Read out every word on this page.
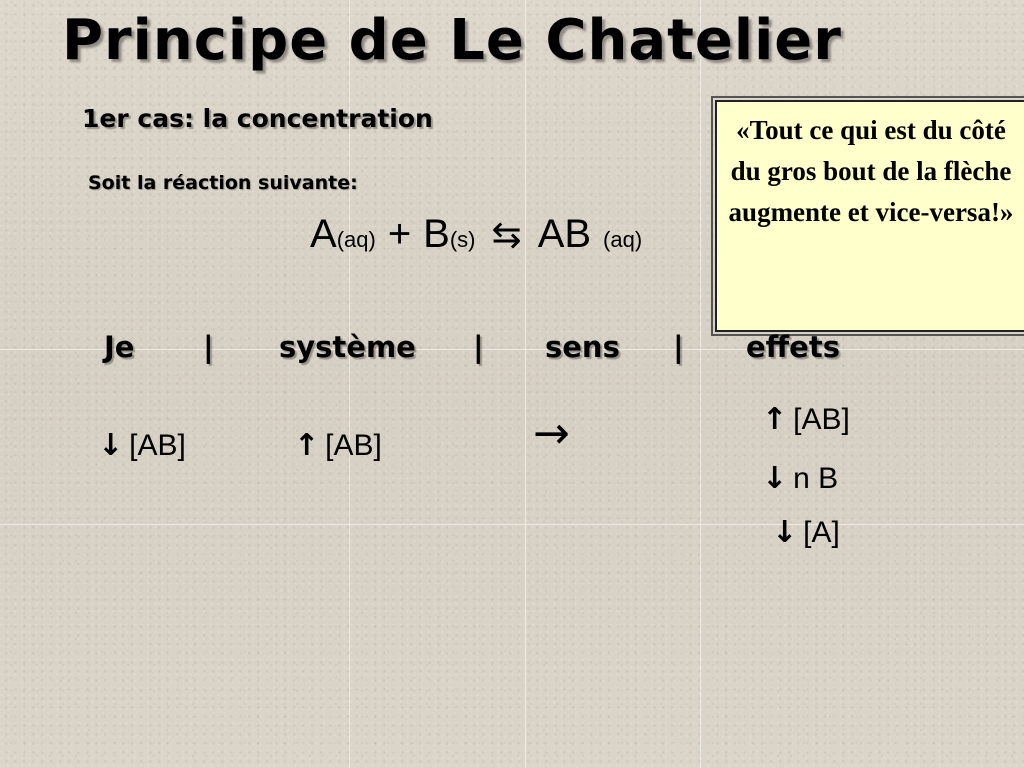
Principe de Le Chatelier
1er cas: la concentration
Soit la réaction suivante:
A (aq) + B (s) ⇆ AB (aq)
«Tout ce qui est du côté du gros bout de la flèche augmente et vice-versa!»
Je | système | sens | effets
↓ [AB]	↑ [AB]	→	↑ [AB]
↓ n B
↓ [A]
